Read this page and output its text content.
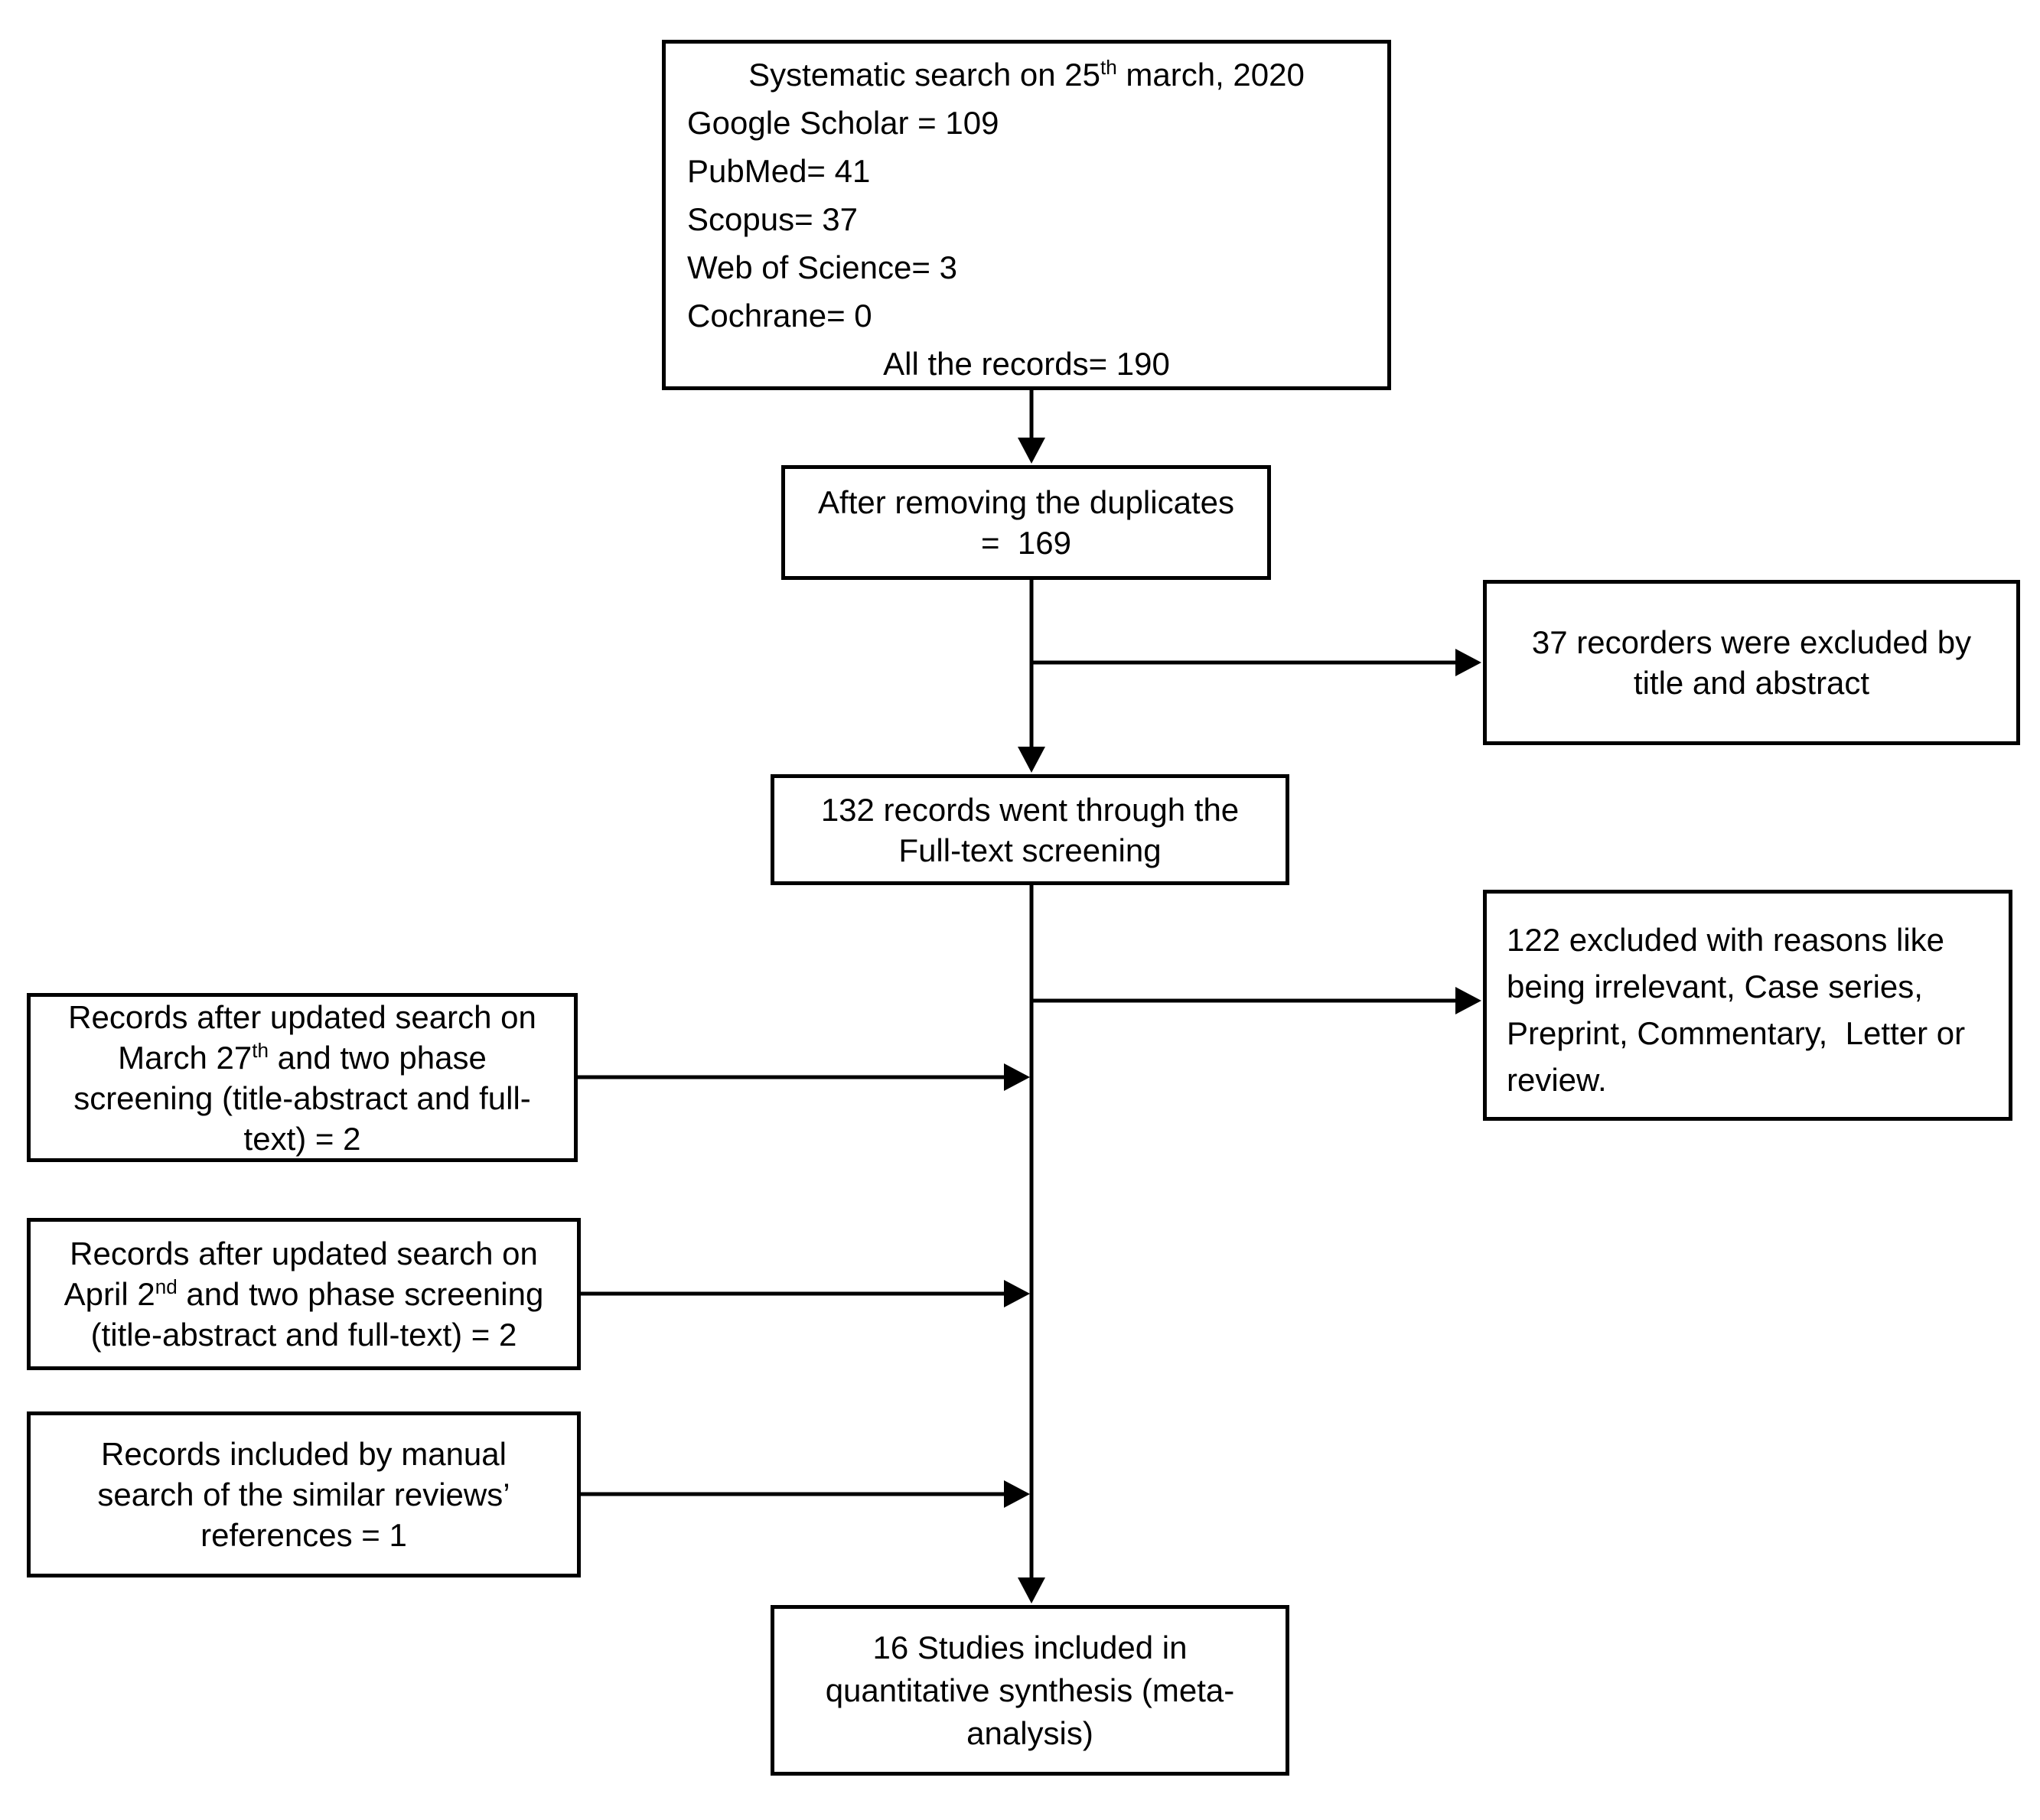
Systematic search on 25th march, 2020
Google Scholar = 109
PubMed= 41
Scopus= 37
Web of Science= 3
Cochrane= 0
All the records= 190
After removing the duplicates
=  169
37 recorders were excluded by title and abstract
132 records went through the
Full-text screening
122 excluded with reasons like being irrelevant, Case series, Preprint, Commentary,  Letter or review.
Records after updated search on March 27th and two phase screening (title-abstract and full-text) = 2
Records after updated search on April 2nd and two phase screening (title-abstract and full-text) = 2
Records included by manual search of the similar reviews’ references = 1
16 Studies included in quantitative synthesis (meta-analysis)
